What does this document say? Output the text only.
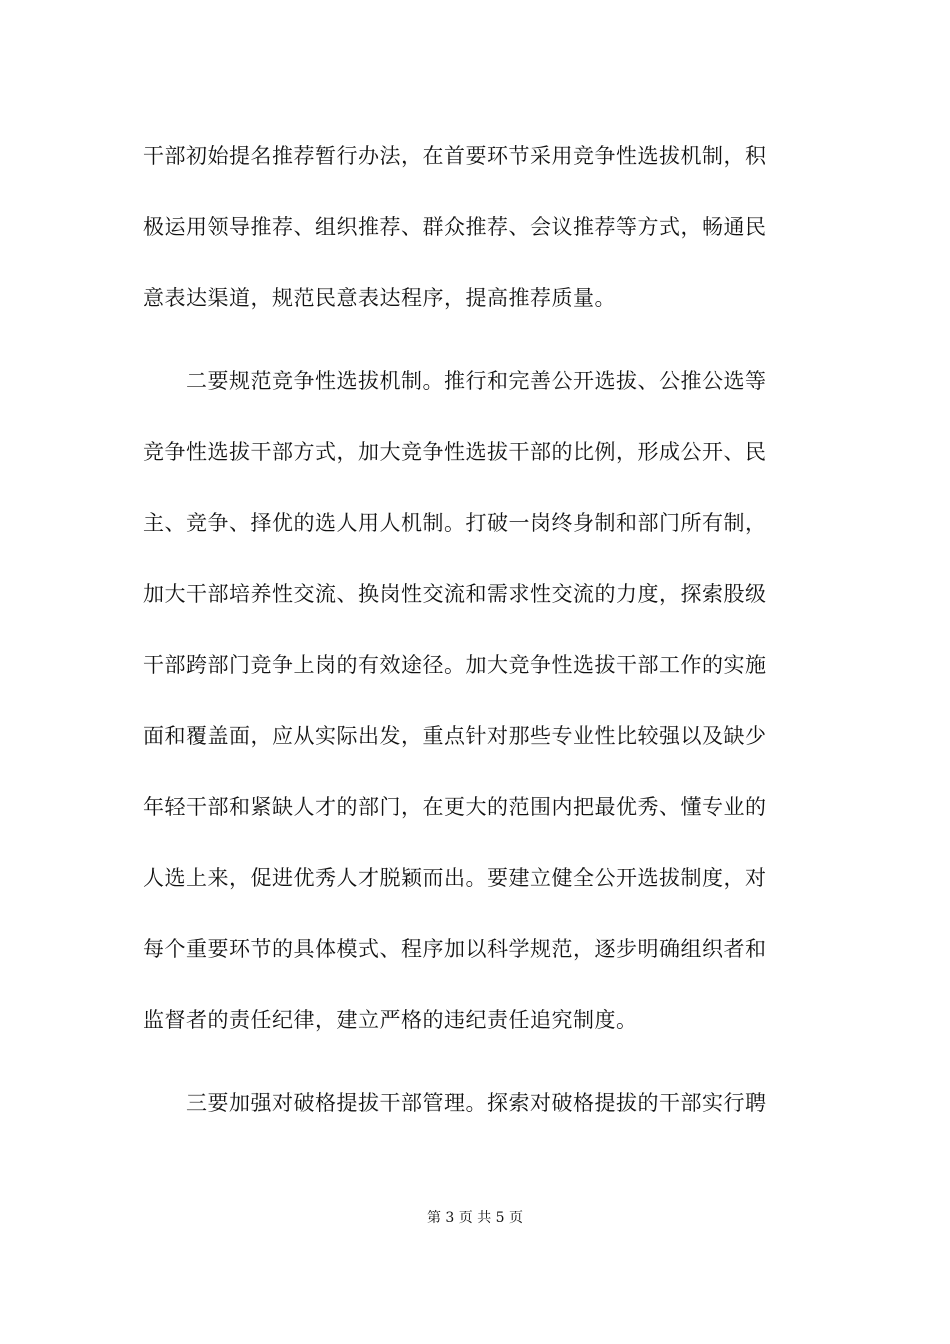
干部初始提名推荐暂行办法，在首要环节采用竞争性选拔机制，积
极运用领导推荐、组织推荐、群众推荐、会议推荐等方式，畅通民
意表达渠道，规范民意表达程序，提高推荐质量。
　　二要规范竞争性选拔机制。推行和完善公开选拔、公推公选等
竞争性选拔干部方式，加大竞争性选拔干部的比例，形成公开、民
主、竞争、择优的选人用人机制。打破一岗终身制和部门所有制，
加大干部培养性交流、换岗性交流和需求性交流的力度，探索股级
干部跨部门竞争上岗的有效途径。加大竞争性选拔干部工作的实施
面和覆盖面，应从实际出发，重点针对那些专业性比较强以及缺少
年轻干部和紧缺人才的部门，在更大的范围内把最优秀、懂专业的
人选上来，促进优秀人才脱颖而出。要建立健全公开选拔制度，对
每个重要环节的具体模式、程序加以科学规范，逐步明确组织者和
监督者的责任纪律，建立严格的违纪责任追究制度。
　　三要加强对破格提拔干部管理。探索对破格提拔的干部实行聘
第 3 页 共 5 页
